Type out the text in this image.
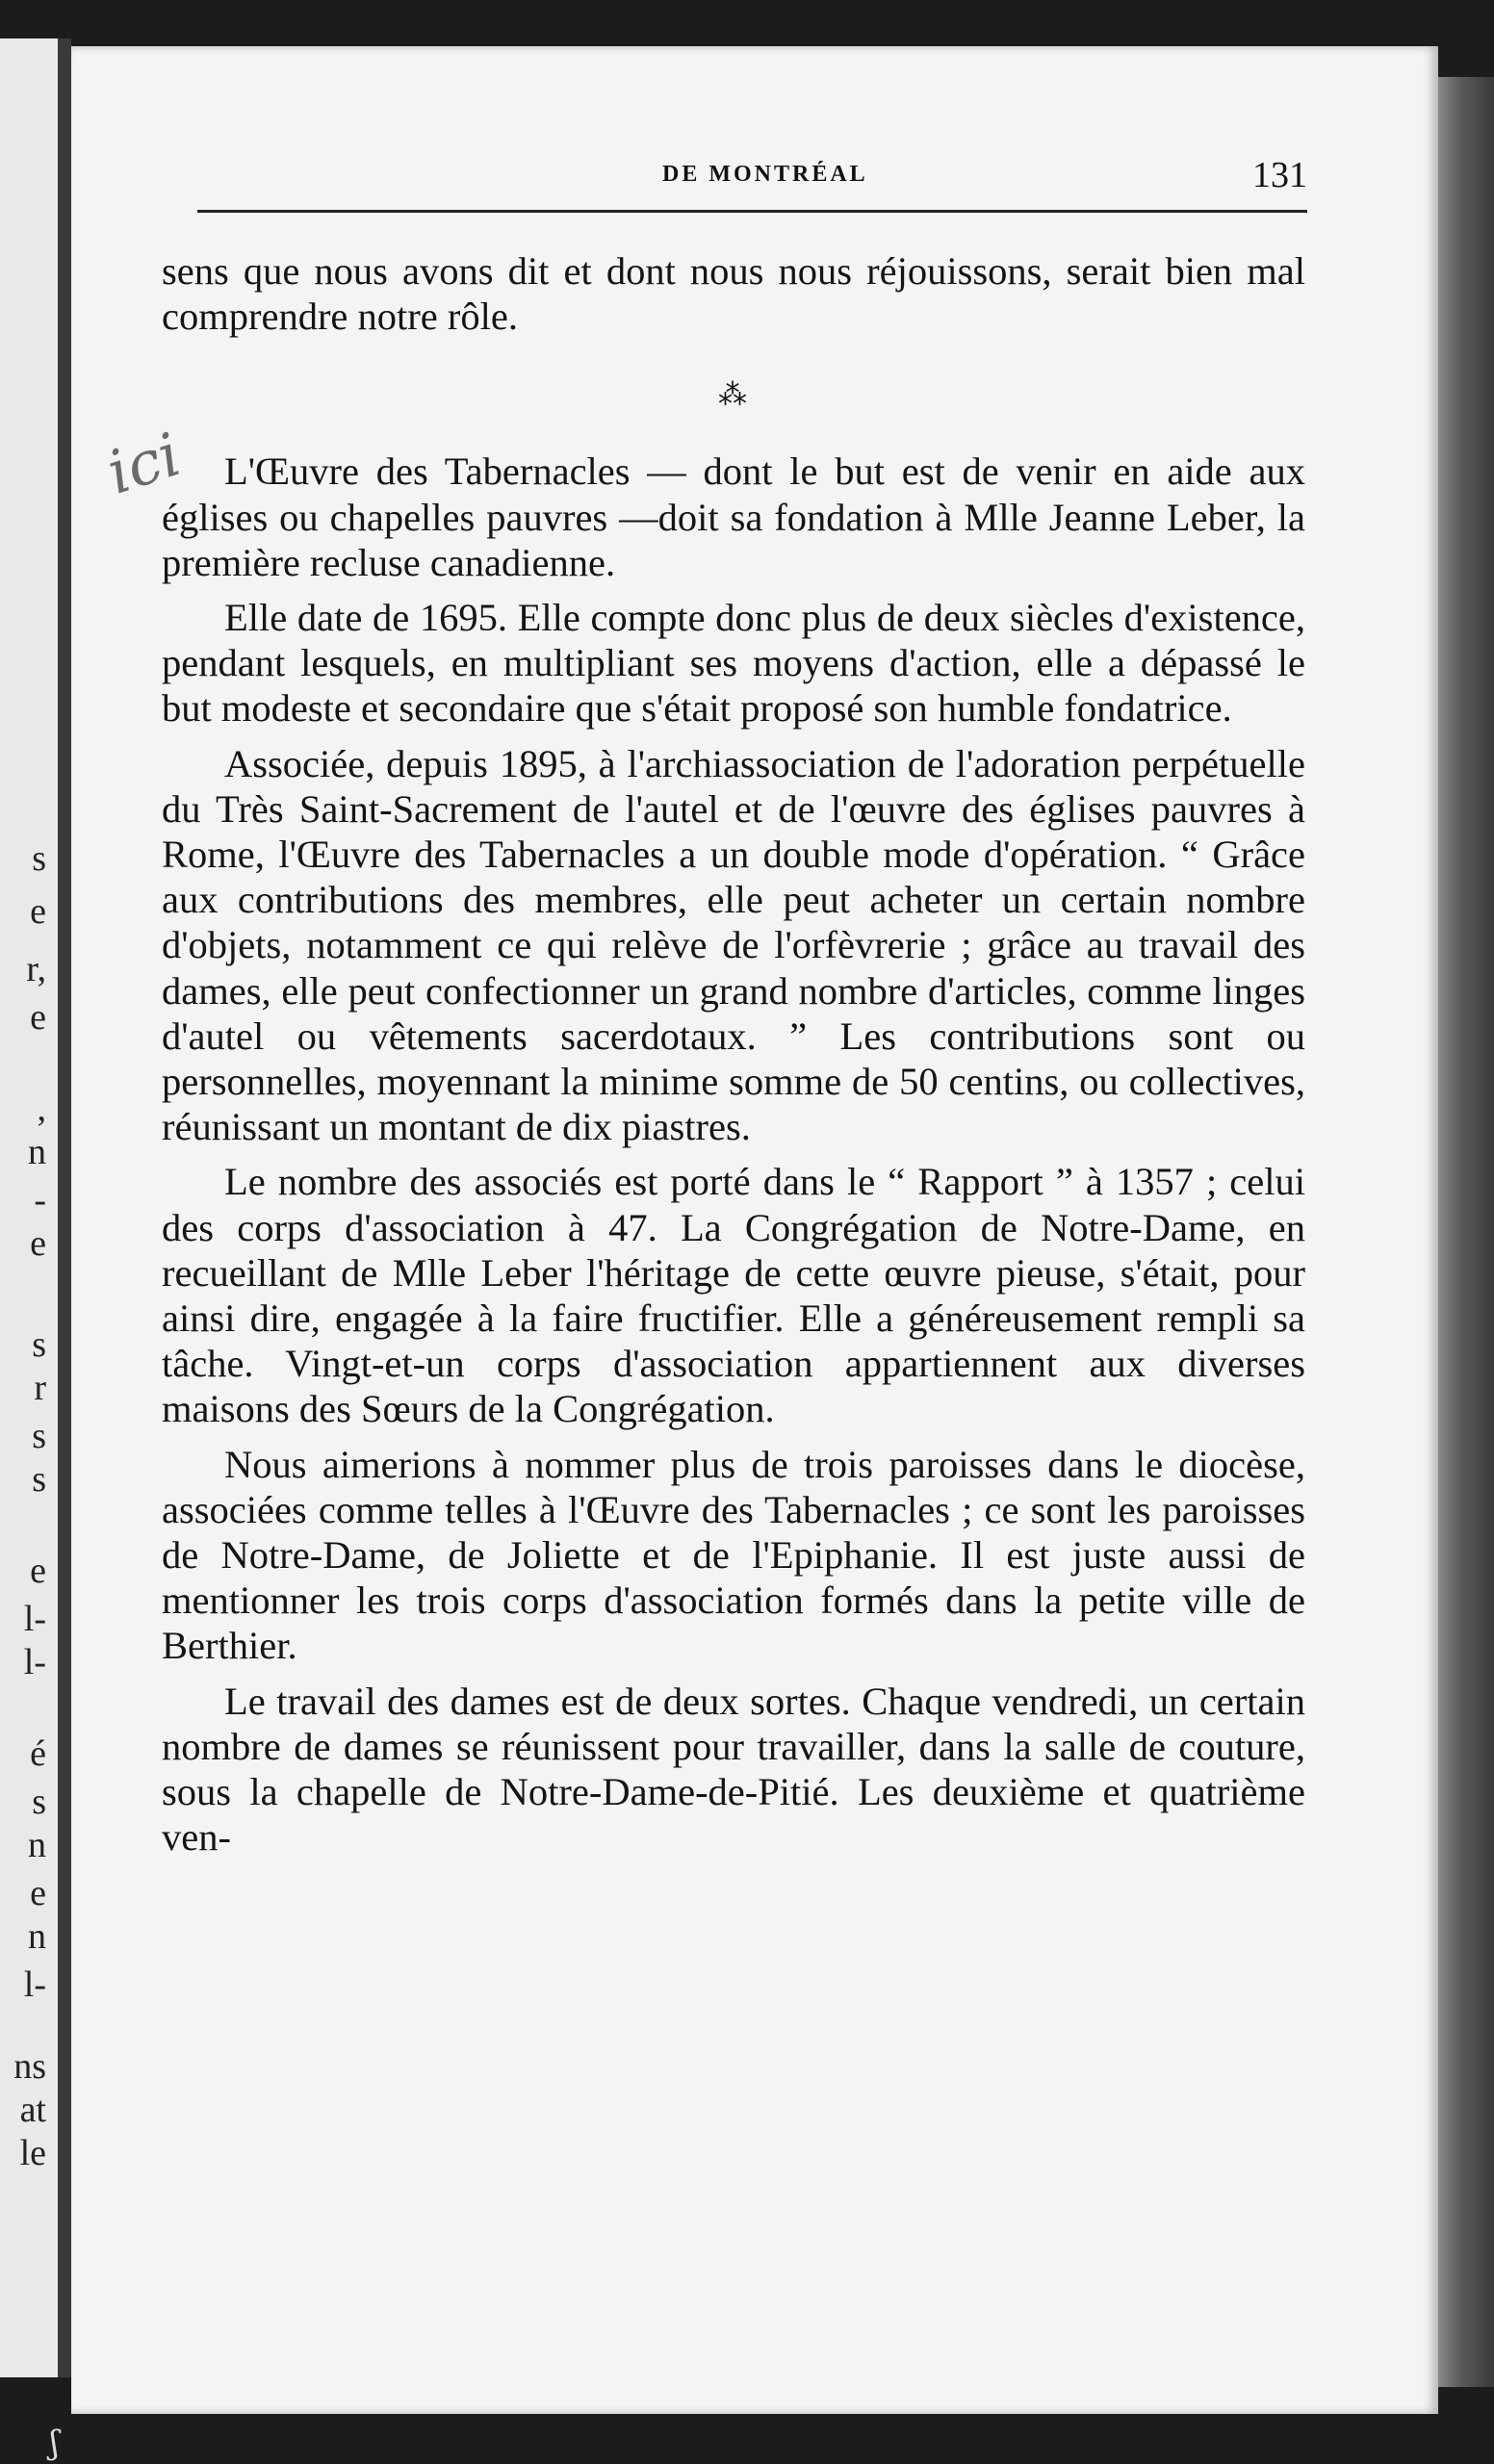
s
e
r,
e
,
n
-
e
s
r
s
s
e
l-
l-
é
s
n
e
n
l-
ns
at
le
DE MONTRÉAL	131
ici

sens que nous avons dit et dont nous nous réjouissons, serait bien mal comprendre notre rôle.

⁂

L'Œuvre des Tabernacles — dont le but est de venir en aide aux églises ou chapelles pauvres —doit sa fondation à Mlle Jeanne Leber, la première recluse canadienne.

Elle date de 1695. Elle compte donc plus de deux siècles d'existence, pendant lesquels, en multipliant ses moyens d'action, elle a dépassé le but modeste et secondaire que s'était proposé son humble fondatrice.

Associée, depuis 1895, à l'archiassociation de l'adoration perpétuelle du Très Saint-Sacrement de l'autel et de l'œuvre des églises pauvres à Rome, l'Œuvre des Tabernacles a un double mode d'opération. “ Grâce aux contributions des membres, elle peut acheter un certain nombre d'objets, notamment ce qui relève de l'orfèvrerie ; grâce au travail des dames, elle peut confectionner un grand nombre d'articles, comme linges d'autel ou vêtements sacerdotaux. ” Les contributions sont ou personnelles, moyennant la minime somme de 50 centins, ou collectives, réunissant un montant de dix piastres.

Le nombre des associés est porté dans le “ Rapport ” à 1357 ; celui des corps d'association à 47. La Congrégation de Notre-Dame, en recueillant de Mlle Leber l'héritage de cette œuvre pieuse, s'était, pour ainsi dire, engagée à la faire fructifier. Elle a généreusement rempli sa tâche. Vingt-et-un corps d'association appartiennent aux diverses maisons des Sœurs de la Congrégation.

Nous aimerions à nommer plus de trois paroisses dans le diocèse, associées comme telles à l'Œuvre des Tabernacles ; ce sont les paroisses de Notre-Dame, de Joliette et de l'Epiphanie. Il est juste aussi de mentionner les trois corps d'association formés dans la petite ville de Berthier.

Le travail des dames est de deux sortes. Chaque vendredi, un certain nombre de dames se réunissent pour travailler, dans la salle de couture, sous la chapelle de Notre-Dame-de-Pitié. Les deuxième et quatrième ven-

ʃ
